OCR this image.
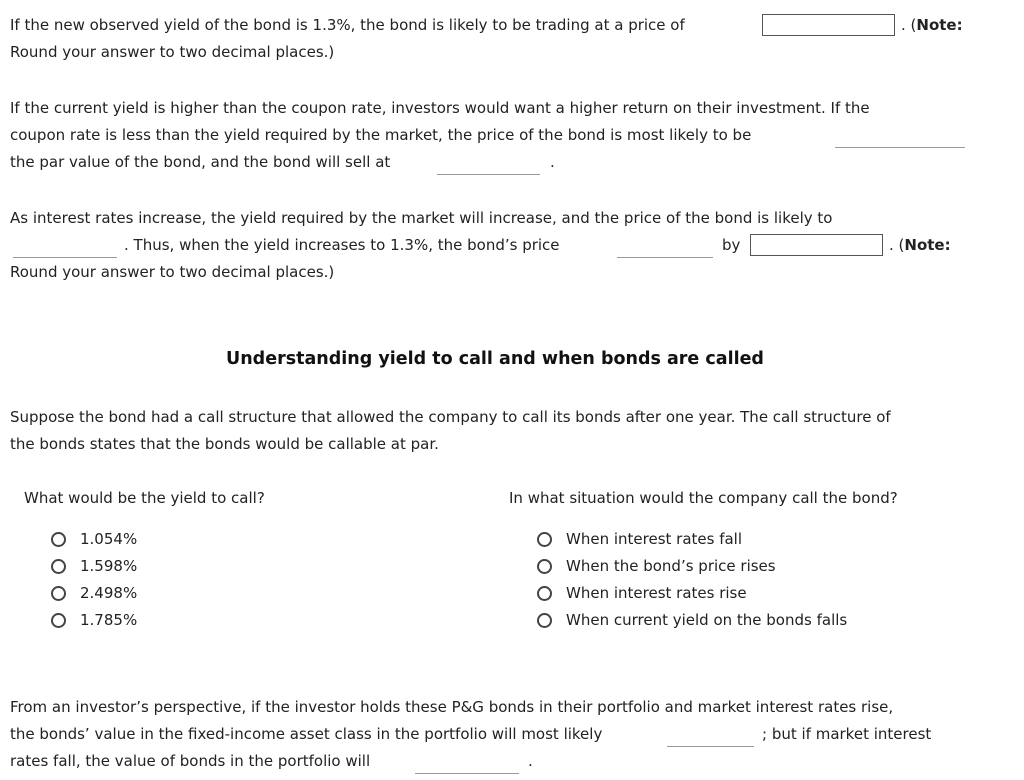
If the new observed yield of the bond is 1.3%, the bond is likely to be trading at a price of	. (Note:
Round your answer to two decimal places.)
If the current yield is higher than the coupon rate, investors would want a higher return on their investment. If the
coupon rate is less than the yield required by the market, the price of the bond is most likely to be
the par value of the bond, and the bond will sell at	.
As interest rates increase, the yield required by the market will increase, and the price of the bond is likely to
. Thus, when the yield increases to 1.3%, the bond’s price	by	. (Note:
Round your answer to two decimal places.)
Understanding yield to call and when bonds are called
Suppose the bond had a call structure that allowed the company to call its bonds after one year. The call structure of
the bonds states that the bonds would be callable at par.
What would be the yield to call?
1.054%
1.598%
2.498%
1.785%
In what situation would the company call the bond?
When interest rates fall
When the bond’s price rises
When interest rates rise
When current yield on the bonds falls
From an investor’s perspective, if the investor holds these P&G bonds in their portfolio and market interest rates rise,
the bonds’ value in the fixed-income asset class in the portfolio will most likely	; but if market interest
rates fall, the value of bonds in the portfolio will	.
